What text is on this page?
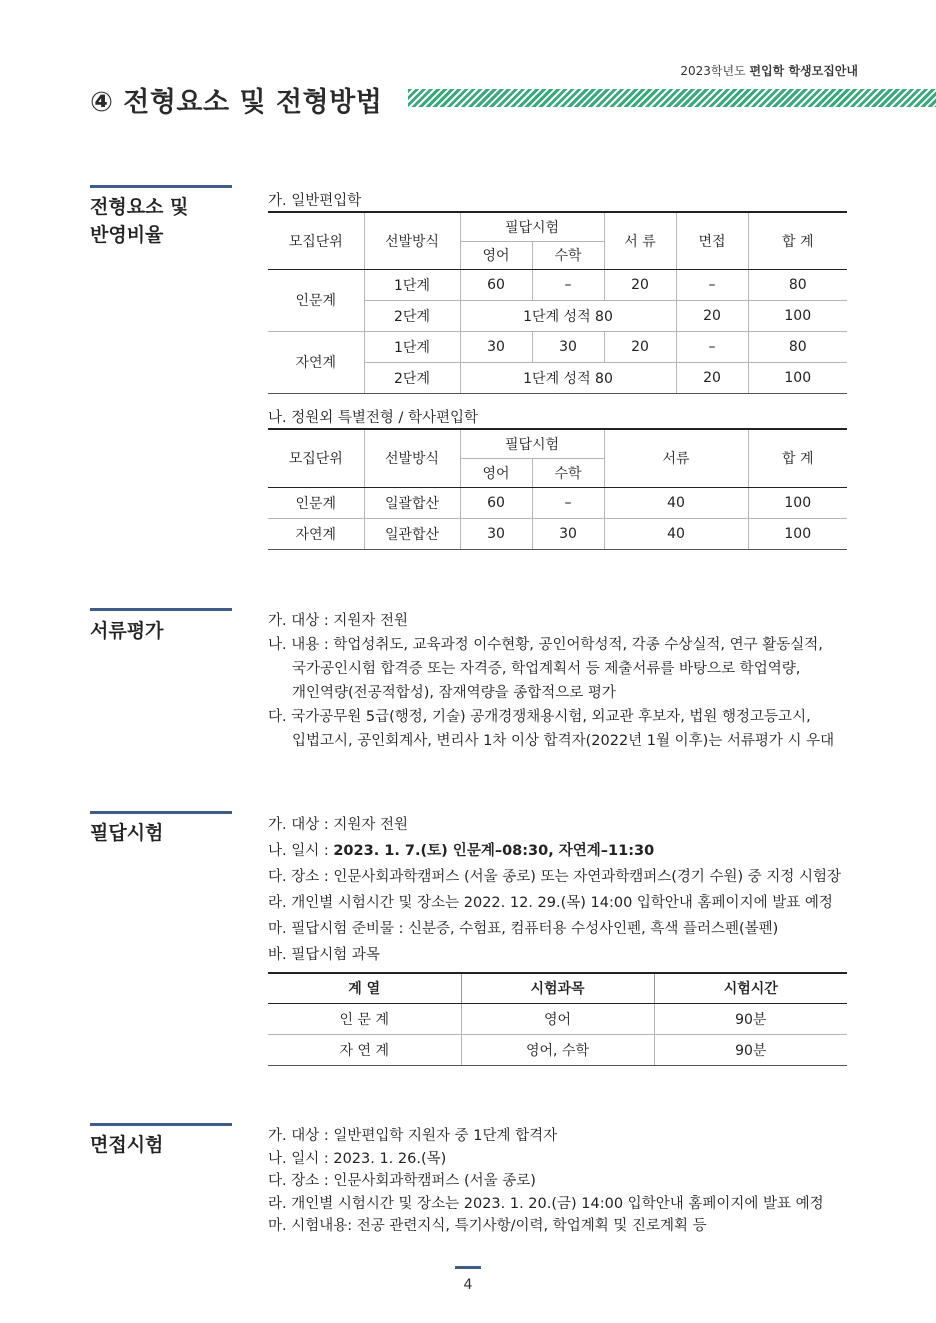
2023학년도 편입학 학생모집안내
④ 전형요소 및 전형방법
전형요소 및
반영비율
가. 일반편입학
모집단위	선발방식	필답시험		서 류	면접	합 계
		영어	수학			
인문계	1단계	60	–	20	–	80
	2단계	1단계 성적 80			20	100
자연계	1단계	30	30	20	–	80
	2단계	1단계 성적 80			20	100
나. 정원외 특별전형 / 학사편입학
모집단위	선발방식	필답시험		서류	합 계
		영어	수학		
인문계	일괄합산	60	–	40	100
자연계	일관합산	30	30	40	100
서류평가	가. 대상 : 지원자 전원
나. 내용 : 학업성취도, 교육과정 이수현황, 공인어학성적, 각종 수상실적, 연구 활동실적,
국가공인시험 합격증 또는 자격증, 학업계획서 등 제출서류를 바탕으로 학업역량,
개인역량(전공적합성), 잠재역량을 종합적으로 평가
다. 국가공무원 5급(행정, 기술) 공개경쟁채용시험, 외교관 후보자, 법원 행정고등고시,
입법고시, 공인회계사, 변리사 1차 이상 합격자(2022년 1월 이후)는 서류평가 시 우대
필답시험	가. 대상 : 지원자 전원
나. 일시 : 2023. 1. 7.(토) 인문계–08:30, 자연계–11:30
다. 장소 : 인문사회과학캠퍼스 (서울 종로) 또는 자연과학캠퍼스(경기 수원) 중 지정 시험장
라. 개인별 시험시간 및 장소는 2022. 12. 29.(목) 14:00 입학안내 홈페이지에 발표 예정
마. 필답시험 준비물 : 신분증, 수험표, 컴퓨터용 수성사인펜, 흑색 플러스펜(볼펜)
바. 필답시험 과목
계 열	시험과목	시험시간
인 문 계	영어	90분
자 연 계	영어, 수학	90분
면접시험	가. 대상 : 일반편입학 지원자 중 1단계 합격자
나. 일시 : 2023. 1. 26.(목)
다. 장소 : 인문사회과학캠퍼스 (서울 종로)
라. 개인별 시험시간 및 장소는 2023. 1. 20.(금) 14:00 입학안내 홈페이지에 발표 예정
마. 시험내용: 전공 관련지식, 특기사항/이력, 학업계획 및 진로계획 등
4
